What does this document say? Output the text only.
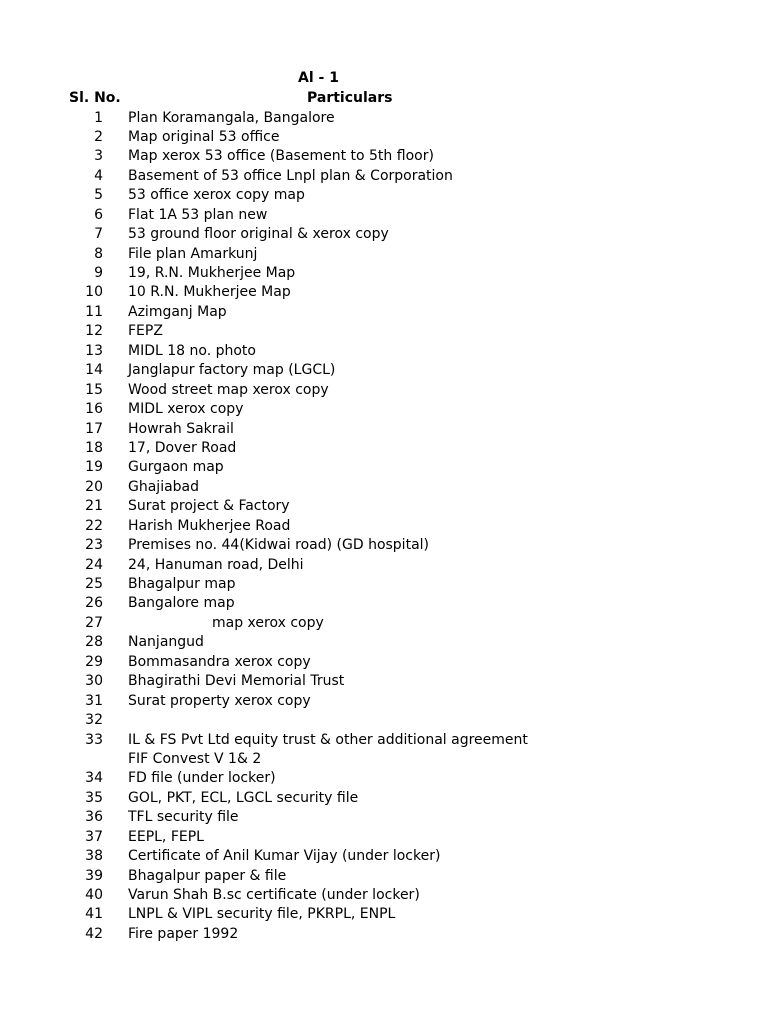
Al - 1
Sl. No.	Particulars
1 Plan Koramangala, Bangalore
2 Map original 53 office
3 Map xerox 53 office (Basement to 5th floor)
4 Basement of 53 office Lnpl plan & Corporation
5 53 office xerox copy map
6 Flat 1A 53 plan new
7 53 ground floor original & xerox copy
8 File plan Amarkunj
9 19, R.N. Mukherjee Map
10 10 R.N. Mukherjee Map
11 Azimganj Map
12 FEPZ
13 MIDL 18 no. photo
14 Janglapur factory map (LGCL)
15 Wood street map xerox copy
16 MIDL xerox copy
17 Howrah Sakrail
18 17, Dover Road
19 Gurgaon map
20 Ghajiabad
21 Surat project & Factory
22 Harish Mukherjee Road
23 Premises no. 44(Kidwai road) (GD hospital)
24 24, Hanuman road, Delhi
25 Bhagalpur map
26 Bangalore map
27	map xerox copy
28 Nanjangud
29 Bommasandra xerox copy
30 Bhagirathi Devi Memorial Trust
31 Surat property xerox copy
32
33 IL & FS Pvt Ltd equity trust & other additional agreement
FIF Convest V 1& 2
34 FD file (under locker)
35 GOL, PKT, ECL, LGCL security file
36 TFL security file
37 EEPL, FEPL
38 Certificate of Anil Kumar Vijay (under locker)
39 Bhagalpur paper & file
40 Varun Shah B.sc certificate (under locker)
41 LNPL & VIPL security file, PKRPL, ENPL
42 Fire paper 1992
